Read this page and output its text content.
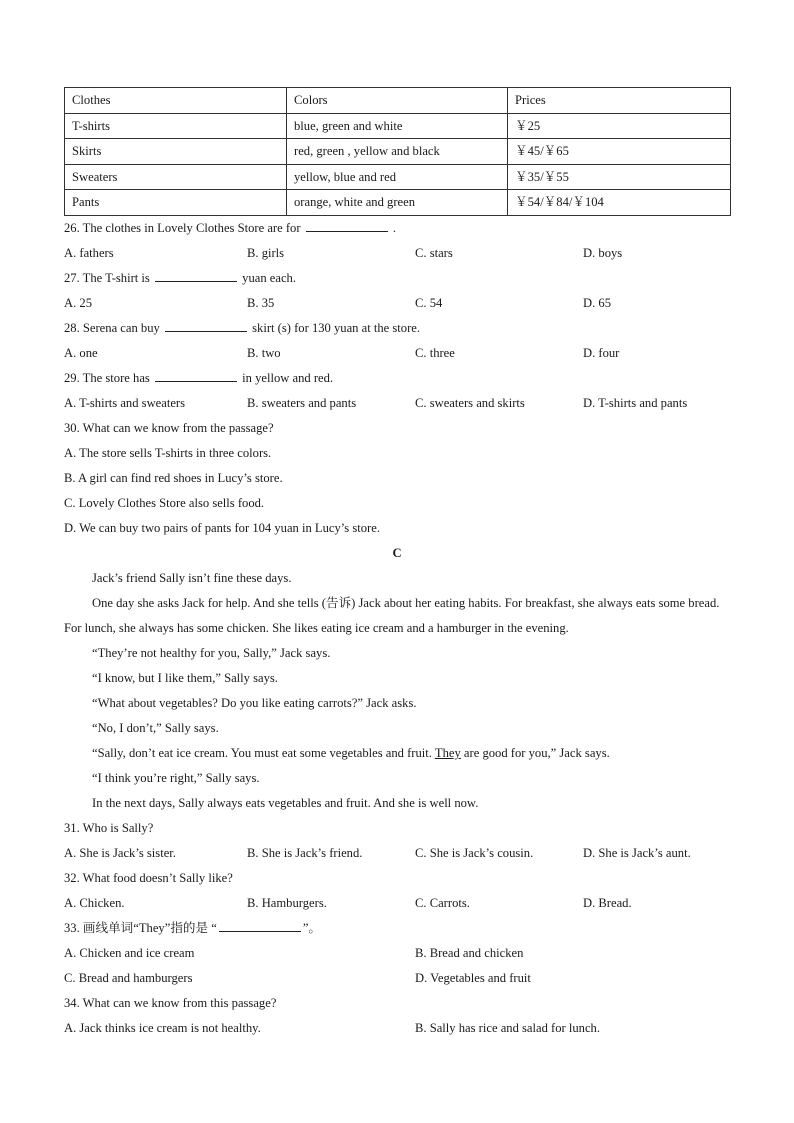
Clothes	Colors	Prices
T-shirts	blue, green and white	￥25
Skirts	red, green , yellow and black	￥45/￥65
Sweaters	yellow, blue and red	￥35/￥55
Pants	orange, white and green	￥54/￥84/￥104
26. The clothes in Lovely Clothes Store are for	.
A. fathers	B. girls	C. stars	D. boys
27. The T-shirt is	yuan each.
A. 25	B. 35	C. 54	D. 65
28. Serena can buy	skirt (s) for 130 yuan at the store.
A. one	B. two	C. three	D. four
29. The store has	in yellow and red.
A. T-shirts and sweaters	B. sweaters and pants	C. sweaters and skirts	D. T-shirts and pants
30. What can we know from the passage?
A. The store sells T-shirts in three colors.
B. A girl can find red shoes in Lucy’s store.
C. Lovely Clothes Store also sells food.
D. We can buy two pairs of pants for 104 yuan in Lucy’s store.
C
Jack’s friend Sally isn’t fine these days.
One day she asks Jack for help. And she tells (告诉) Jack about her eating habits. For breakfast, she always eats some bread. For lunch, she always has some chicken. She likes eating ice cream and a hamburger in the evening.
“They’re not healthy for you, Sally,” Jack says.
“I know, but I like them,” Sally says.
“What about vegetables? Do you like eating carrots?” Jack asks.
“No, I don’t,” Sally says.
“Sally, don’t eat ice cream. You must eat some vegetables and fruit. They are good for you,” Jack says.
“I think you’re right,” Sally says.
In the next days, Sally always eats vegetables and fruit. And she is well now.
31. Who is Sally?
A. She is Jack’s sister.	B. She is Jack’s friend.	C. She is Jack’s cousin.	D. She is Jack’s aunt.
32. What food doesn’t Sally like?
A. Chicken.	B. Hamburgers.	C. Carrots.	D. Bread.
33. 画线单词“They”指的是 “	”。
A. Chicken and ice cream	B. Bread and chicken
C. Bread and hamburgers	D. Vegetables and fruit
34. What can we know from this passage?
A. Jack thinks ice cream is not healthy.	B. Sally has rice and salad for lunch.
